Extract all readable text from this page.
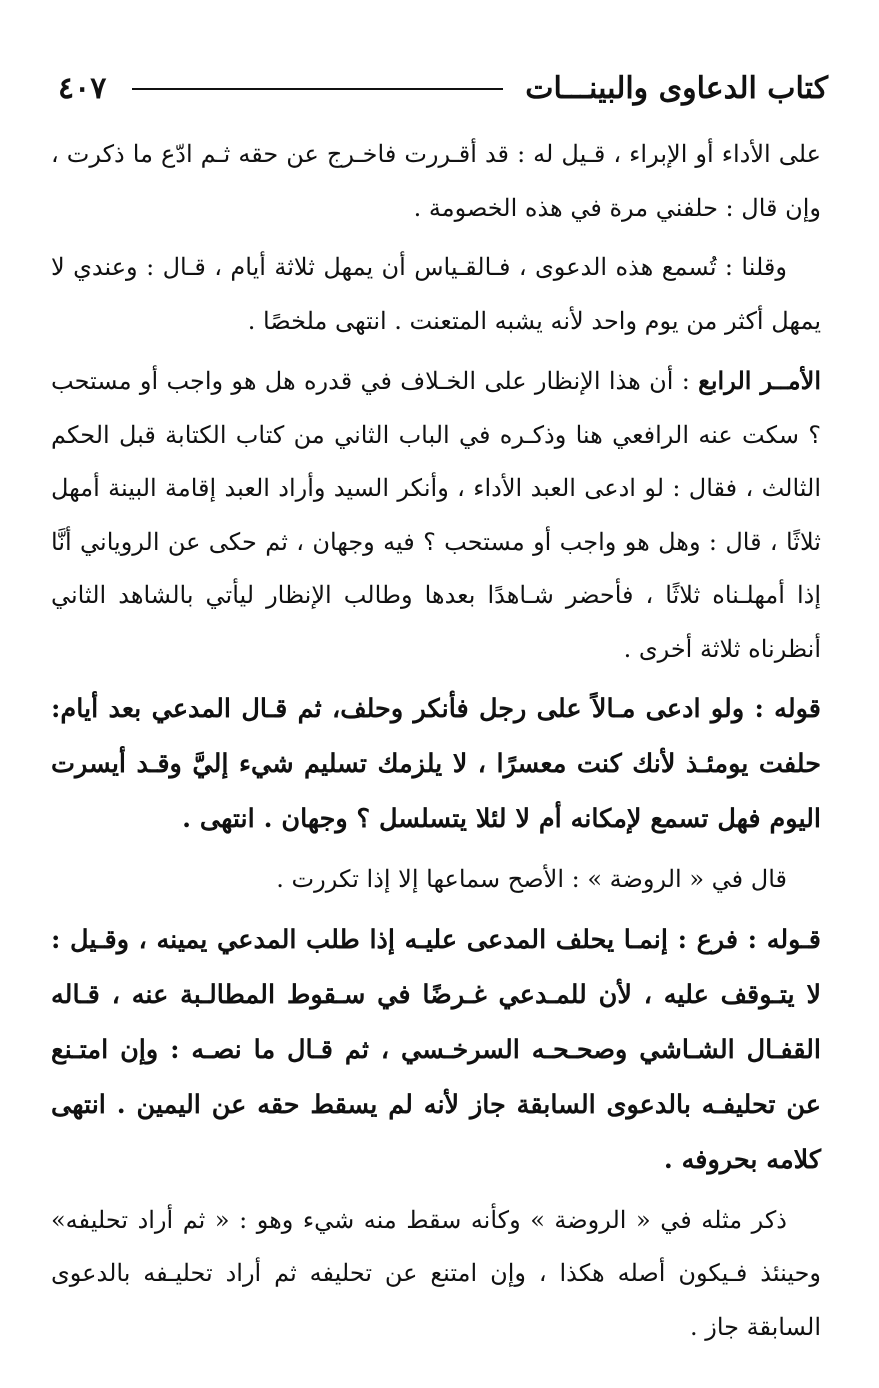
٤٠٧	كتاب الدعاوى والبينـــات

على الأداء أو الإبراء ، قـيل له : قد أقـررت فاخـرج عن حقه ثـم ادّع ما ذكرت ، وإن قال : حلفني مرة في هذه الخصومة .

وقلنا : تُسمع هذه الدعوى ، فـالقـياس أن يمهل ثلاثة أيام ، قـال : وعندي لا يمهل أكثر من يوم واحد لأنه يشبه المتعنت . انتهى ملخصًا .

الأمــر الرابع : أن هذا الإنظار على الخـلاف في قدره هل هو واجب أو مستحب ؟ سكت عنه الرافعي هنا وذكـره في الباب الثاني من كتاب الكتابة قبل الحكم الثالث ، فقال : لو ادعى العبد الأداء ، وأنكر السيد وأراد العبد إقامة البينة أمهل ثلاثًا ، قال : وهل هو واجب أو مستحب ؟ فيه وجهان ، ثم حكى عن الروياني أنَّا إذا أمهلـناه ثلاثًا ، فأحضر شـاهدًا بعدها وطالب الإنظار ليأتي بالشاهد الثاني أنظرناه ثلاثة أخرى .

قوله : ولو ادعى مـالاً على رجل فأنكر وحلف، ثم قـال المدعي بعد أيام: حلفت يومئـذ لأنك كنت معسرًا ، لا يلزمك تسليم شيء إليَّ وقـد أيسرت اليوم فهل تسمع لإمكانه أم لا لئلا يتسلسل ؟ وجهان . انتهى .

قال في « الروضة » : الأصح سماعها إلا إذا تكررت .

قـوله : فرع : إنمـا يحلف المدعى عليـه إذا طلب المدعي يمينه ، وقـيل : لا يتـوقف عليه ، لأن للمـدعي غـرضًا في سـقوط المطالـبة عنه ، قـاله القفـال الشـاشي وصحـحـه السرخـسي ، ثم قـال ما نصـه : وإن امتـنع عن تحليفـه بالدعوى السابقة جاز لأنه لم يسقط حقه عن اليمين . انتهى كلامه بحروفه .

ذكر مثله في « الروضة » وكأنه سقط منه شيء وهو : « ثم أراد تحليفه» وحينئذ فـيكون أصله هكذا ، وإن امتنع عن تحليفه ثم أراد تحليـفه بالدعوى السابقة جاز .
